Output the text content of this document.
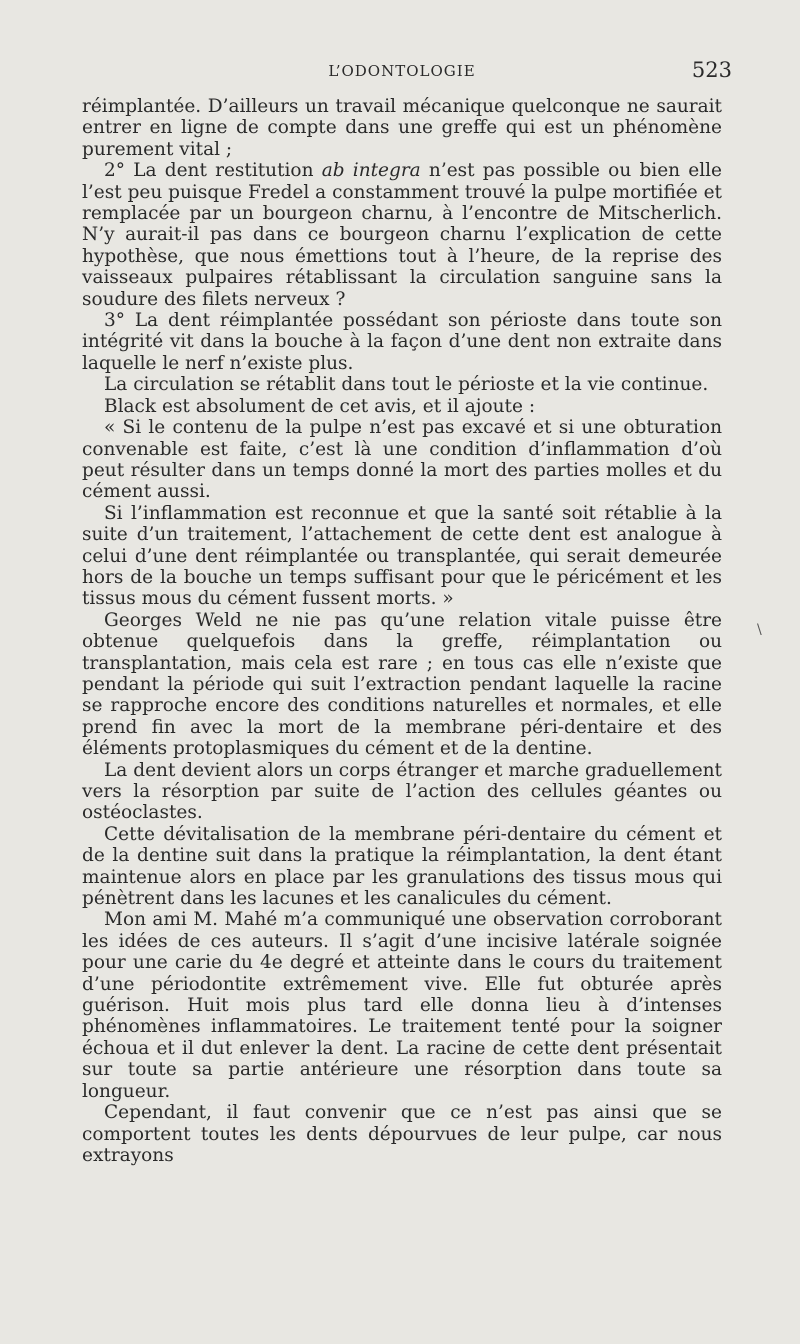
L’ODONTOLOGIE	523

réimplantée. D’ailleurs un travail mécanique quelconque ne saurait entrer en ligne de compte dans une greffe qui est un phénomène purement vital ;

2° La dent restitution ab integra n’est pas possible ou bien elle l’est peu puisque Fredel a constamment trouvé la pulpe mortifiée et remplacée par un bourgeon charnu, à l’encontre de Mitscherlich. N’y aurait-il pas dans ce bourgeon charnu l’explication de cette hypothèse, que nous émettions tout à l’heure, de la reprise des vaisseaux pulpaires rétablissant la circulation sanguine sans la soudure des filets nerveux ?

3° La dent réimplantée possédant son périoste dans toute son intégrité vit dans la bouche à la façon d’une dent non extraite dans laquelle le nerf n’existe plus.

La circulation se rétablit dans tout le périoste et la vie continue.

Black est absolument de cet avis, et il ajoute :

« Si le contenu de la pulpe n’est pas excavé et si une obturation convenable est faite, c’est là une condition d’inflammation d’où peut résulter dans un temps donné la mort des parties molles et du cément aussi.

Si l’inflammation est reconnue et que la santé soit rétablie à la suite d’un traitement, l’attachement de cette dent est analogue à celui d’une dent réimplantée ou transplantée, qui serait demeurée hors de la bouche un temps suffisant pour que le péricément et les tissus mous du cément fussent morts. »

Georges Weld ne nie pas qu’une relation vitale puisse être obtenue quelquefois dans la greffe, réimplantation ou transplantation, mais cela est rare ; en tous cas elle n’existe que pendant la période qui suit l’extraction pendant laquelle la racine se rapproche encore des conditions naturelles et normales, et elle prend fin avec la mort de la membrane péri-dentaire et des éléments protoplasmiques du cément et de la dentine.

La dent devient alors un corps étranger et marche graduellement vers la résorption par suite de l’action des cellules géantes ou ostéoclastes.

Cette dévitalisation de la membrane péri-dentaire du cément et de la dentine suit dans la pratique la réimplantation, la dent étant maintenue alors en place par les granulations des tissus mous qui pénètrent dans les lacunes et les canalicules du cément.

Mon ami M. Mahé m’a communiqué une observation corroborant les idées de ces auteurs. Il s’agit d’une incisive latérale soignée pour une carie du 4e degré et atteinte dans le cours du traitement d’une périodontite extrêmement vive. Elle fut obturée après guérison. Huit mois plus tard elle donna lieu à d’intenses phénomènes inflammatoires. Le traitement tenté pour la soigner échoua et il dut enlever la dent. La racine de cette dent présentait sur toute sa partie antérieure une résorption dans toute sa longueur.

Cependant, il faut convenir que ce n’est pas ainsi que se comportent toutes les dents dépourvues de leur pulpe, car nous extrayons

\
